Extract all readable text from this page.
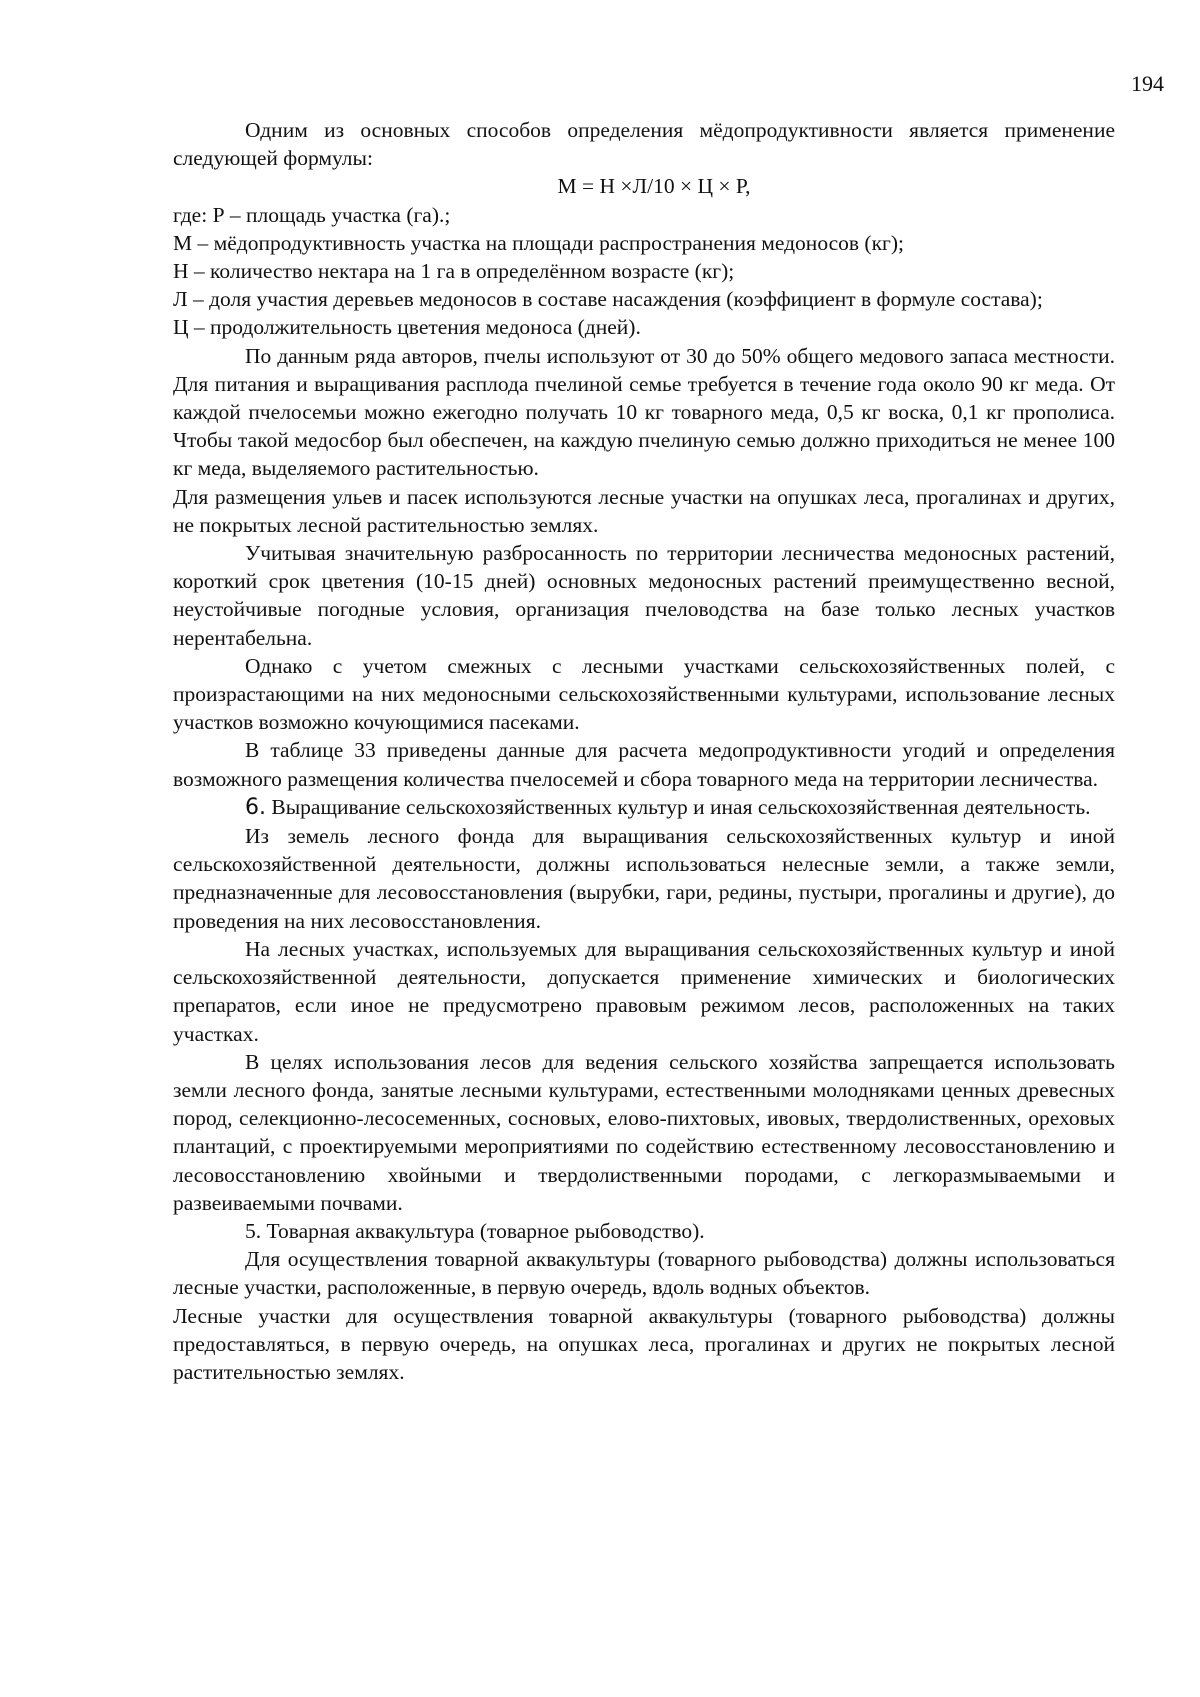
194

Одним из основных способов определения мёдопродуктивности является применение следующей формулы:

М = Н ×Л/10 × Ц × Р,

где: Р – площадь участка (га).;

М – мёдопродуктивность участка на площади распространения медоносов (кг);

Н – количество нектара на 1 га в определённом возрасте (кг);

Л – доля участия деревьев медоносов в составе насаждения (коэффициент в формуле состава);

Ц – продолжительность цветения медоноса (дней).

По данным ряда авторов, пчелы используют от 30 до 50% общего медового запаса местности. Для питания и выращивания расплода пчелиной семье требуется в течение года около 90 кг меда. От каждой пчелосемьи можно ежегодно получать 10 кг товарного меда, 0,5 кг воска, 0,1 кг прополиса. Чтобы такой медосбор был обеспечен, на каждую пчелиную семью должно приходиться не менее 100 кг меда, выделяемого растительностью.

Для размещения ульев и пасек используются лесные участки на опушках леса, прогалинах и других, не покрытых лесной растительностью землях.

Учитывая значительную разбросанность по территории лесничества медоносных растений, короткий срок цветения (10-15 дней) основных медоносных растений преимущественно весной, неустойчивые погодные условия, организация пчеловодства на базе только лесных участков нерентабельна.

Однако с учетом смежных с лесными участками сельскохозяйственных полей, с произрастающими на них медоносными сельскохозяйственными культурами, использование лесных участков возможно кочующимися пасеками.

В таблице 33 приведены данные для расчета медопродуктивности угодий и определения возможного размещения количества пчелосемей и сбора товарного меда на территории лесничества.

6. Выращивание сельскохозяйственных культур и иная сельскохозяйственная деятельность.

Из земель лесного фонда для выращивания сельскохозяйственных культур и иной сельскохозяйственной деятельности, должны использоваться нелесные земли, а также земли, предназначенные для лесовосстановления (вырубки, гари, редины, пустыри, прогалины и другие), до проведения на них лесовосстановления.

На лесных участках, используемых для выращивания сельскохозяйственных культур и иной сельскохозяйственной деятельности, допускается применение химических и биологических препаратов, если иное не предусмотрено правовым режимом лесов, расположенных на таких участках.

В целях использования лесов для ведения сельского хозяйства запрещается использовать земли лесного фонда, занятые лесными культурами, естественными молодняками ценных древесных пород, селекционно-лесосеменных, сосновых, елово-пихтовых, ивовых, твердолиственных, ореховых плантаций, с проектируемыми мероприятиями по содействию естественному лесовосстановлению и лесовосстановлению хвойными и твердолиственными породами, с легкоразмываемыми и развеиваемыми почвами.

5. Товарная аквакультура (товарное рыбоводство).

Для осуществления товарной аквакультуры (товарного рыбоводства) должны использоваться лесные участки, расположенные, в первую очередь, вдоль водных объектов.

Лесные участки для осуществления товарной аквакультуры (товарного рыбоводства) должны предоставляться, в первую очередь, на опушках леса, прогалинах и других не покрытых лесной растительностью землях.
